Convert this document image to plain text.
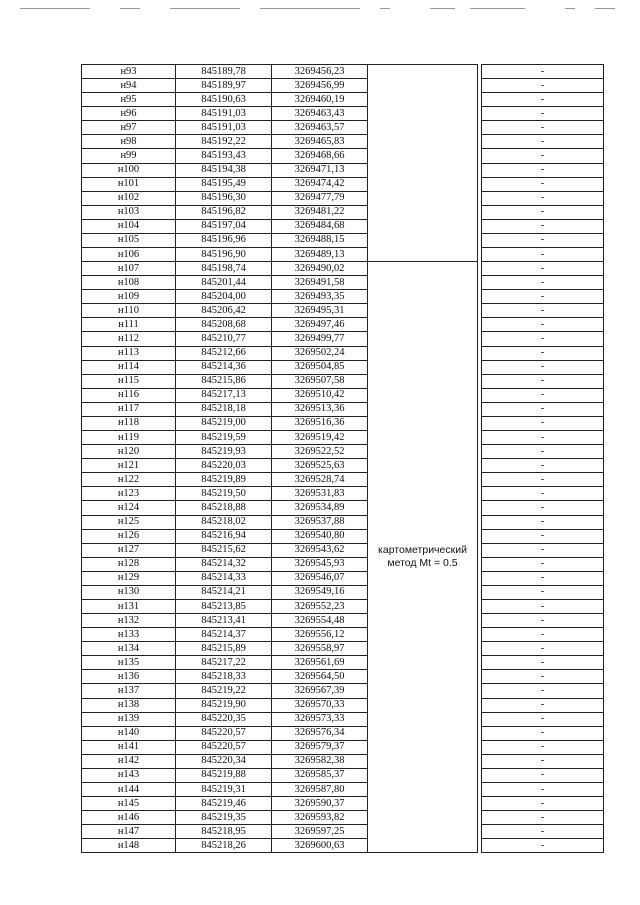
н93	845189,78	3269456,23			-
н94	845189,97	3269456,99			-
н95	845190,63	3269460,19			-
н96	845191,03	3269463,43			-
н97	845191,03	3269463,57			-
н98	845192,22	3269465,83			-
н99	845193,43	3269468,66			-
н100	845194,38	3269471,13			-
н101	845195,49	3269474,42			-
н102	845196,30	3269477,79			-
н103	845196,82	3269481,22			-
н104	845197,04	3269484,68			-
н105	845196,96	3269488,15			-
н106	845196,90	3269489,13			-
н107	845198,74	3269490,02	картометрический метод Mt = 0.5		-
н108	845201,44	3269491,58			-
н109	845204,00	3269493,35			-
н110	845206,42	3269495,31			-
н111	845208,68	3269497,46			-
н112	845210,77	3269499,77			-
н113	845212,66	3269502,24			-
н114	845214,36	3269504,85			-
н115	845215,86	3269507,58			-
н116	845217,13	3269510,42			-
н117	845218,18	3269513,36			-
н118	845219,00	3269516,36			-
н119	845219,59	3269519,42			-
н120	845219,93	3269522,52			-
н121	845220,03	3269525,63			-
н122	845219,89	3269528,74			-
н123	845219,50	3269531,83			-
н124	845218,88	3269534,89			-
н125	845218,02	3269537,88			-
н126	845216,94	3269540,80			-
н127	845215,62	3269543,62			-
н128	845214,32	3269545,93			-
н129	845214,33	3269546,07			-
н130	845214,21	3269549,16			-
н131	845213,85	3269552,23			-
н132	845213,41	3269554,48			-
н133	845214,37	3269556,12			-
н134	845215,89	3269558,97			-
н135	845217,22	3269561,69			-
н136	845218,33	3269564,50			-
н137	845219,22	3269567,39			-
н138	845219,90	3269570,33			-
н139	845220,35	3269573,33			-
н140	845220,57	3269576,34			-
н141	845220,57	3269579,37			-
н142	845220,34	3269582,38			-
н143	845219,88	3269585,37			-
н144	845219,31	3269587,80			-
н145	845219,46	3269590,37			-
н146	845219,35	3269593,82			-
н147	845218,95	3269597,25			-
н148	845218,26	3269600,63			-
